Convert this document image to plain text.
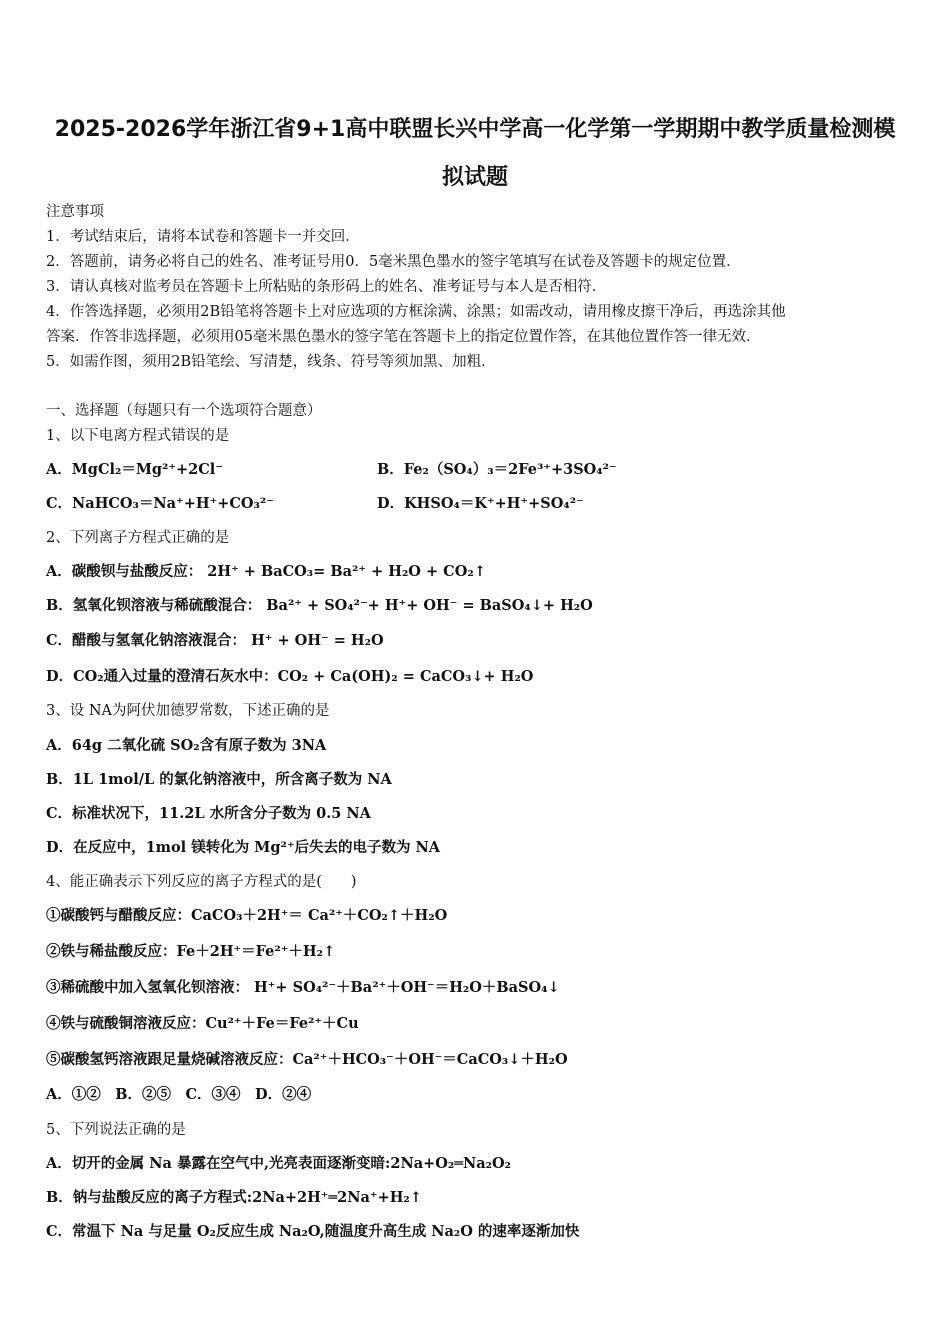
2025-2026学年浙江省9+1高中联盟长兴中学高一化学第一学期期中教学质量检测模
拟试题
注意事项
1．考试结束后，请将本试卷和答题卡一并交回．
2．答题前，请务必将自己的姓名、准考证号用0．5毫米黑色墨水的签字笔填写在试卷及答题卡的规定位置．
3．请认真核对监考员在答题卡上所粘贴的条形码上的姓名、准考证号与本人是否相符．
4．作答选择题，必须用2B铅笔将答题卡上对应选项的方框涂满、涂黑；如需改动，请用橡皮擦干净后，再选涂其他
答案．作答非选择题，必须用05毫米黑色墨水的签字笔在答题卡上的指定位置作答，在其他位置作答一律无效．
5．如需作图，须用2B铅笔绘、写清楚，线条、符号等须加黑、加粗．
一、选择题（每题只有一个选项符合题意）
1、以下电离方程式错误的是
A．MgCl₂＝Mg²⁺+2Cl⁻	B．Fe₂（SO₄）₃＝2Fe³⁺+3SO₄²⁻
C．NaHCO₃＝Na⁺+H⁺+CO₃²⁻	D．KHSO₄＝K⁺+H⁺+SO₄²⁻
2、下列离子方程式正确的是
A．碳酸钡与盐酸反应： 2H⁺ + BaCO₃= Ba²⁺ + H₂O + CO₂↑
B．氢氧化钡溶液与稀硫酸混合： Ba²⁺ + SO₄²⁻+ H⁺+ OH⁻ = BaSO₄↓+ H₂O
C．醋酸与氢氧化钠溶液混合： H⁺ + OH⁻ = H₂O
D．CO₂通入过量的澄清石灰水中：CO₂ + Ca(OH)₂ = CaCO₃↓+ H₂O
3、设 NA为阿伏加德罗常数，下述正确的是
A．64g 二氧化硫 SO₂含有原子数为 3NA
B．1L 1mol/L 的氯化钠溶液中，所含离子数为 NA
C．标准状况下，11.2L 水所含分子数为 0.5 NA
D．在反应中，1mol 镁转化为 Mg²⁺后失去的电子数为 NA
4、能正确表示下列反应的离子方程式的是(　　)
①碳酸钙与醋酸反应：CaCO₃＋2H⁺＝ Ca²⁺＋CO₂↑＋H₂O
②铁与稀盐酸反应：Fe＋2H⁺＝Fe²⁺＋H₂↑
③稀硫酸中加入氢氧化钡溶液： H⁺+ SO₄²⁻＋Ba²⁺＋OH⁻＝H₂O＋BaSO₄↓
④铁与硫酸铜溶液反应：Cu²⁺＋Fe＝Fe²⁺＋Cu
⑤碳酸氢钙溶液跟足量烧碱溶液反应：Ca²⁺＋HCO₃⁻＋OH⁻＝CaCO₃↓＋H₂O
A．①②　B．②⑤　C．③④　D．②④
5、下列说法正确的是
A．切开的金属 Na 暴露在空气中,光亮表面逐渐变暗:2Na+O₂═Na₂O₂
B．钠与盐酸反应的离子方程式:2Na+2H⁺═2Na⁺+H₂↑
C．常温下 Na 与足量 O₂反应生成 Na₂O,随温度升高生成 Na₂O 的速率逐渐加快
